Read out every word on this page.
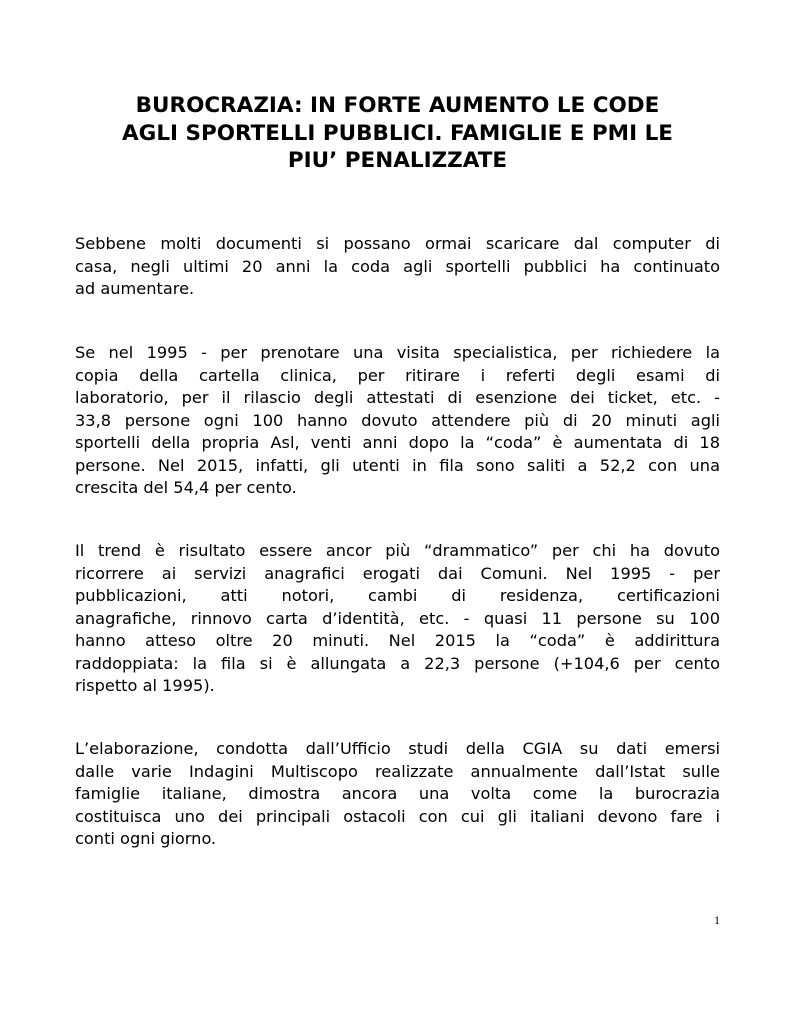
BUROCRAZIA: IN FORTE AUMENTO LE CODE
AGLI SPORTELLI PUBBLICI. FAMIGLIE E PMI LE
PIU’ PENALIZZATE

Sebbene molti documenti si possano ormai scaricare dal computer di
casa, negli ultimi 20 anni la coda agli sportelli pubblici ha continuato
ad aumentare.

Se nel 1995 - per prenotare una visita specialistica, per richiedere la
copia della cartella clinica, per ritirare i referti degli esami di
laboratorio, per il rilascio degli attestati di esenzione dei ticket, etc. -
33,8 persone ogni 100 hanno dovuto attendere più di 20 minuti agli
sportelli della propria Asl, venti anni dopo la “coda” è aumentata di 18
persone. Nel 2015, infatti, gli utenti in fila sono saliti a 52,2 con una
crescita del 54,4 per cento.

Il trend è risultato essere ancor più “drammatico” per chi ha dovuto
ricorrere ai servizi anagrafici erogati dai Comuni. Nel 1995 - per
pubblicazioni, atti notori, cambi di residenza, certificazioni
anagrafiche, rinnovo carta d’identità, etc. - quasi 11 persone su 100
hanno atteso oltre 20 minuti. Nel 2015 la “coda” è addirittura
raddoppiata: la fila si è allungata a 22,3 persone (+104,6 per cento
rispetto al 1995).

L’elaborazione, condotta dall’Ufficio studi della CGIA su dati emersi
dalle varie Indagini Multiscopo realizzate annualmente dall’Istat sulle
famiglie italiane, dimostra ancora una volta come la burocrazia
costituisca uno dei principali ostacoli con cui gli italiani devono fare i
conti ogni giorno.

1
